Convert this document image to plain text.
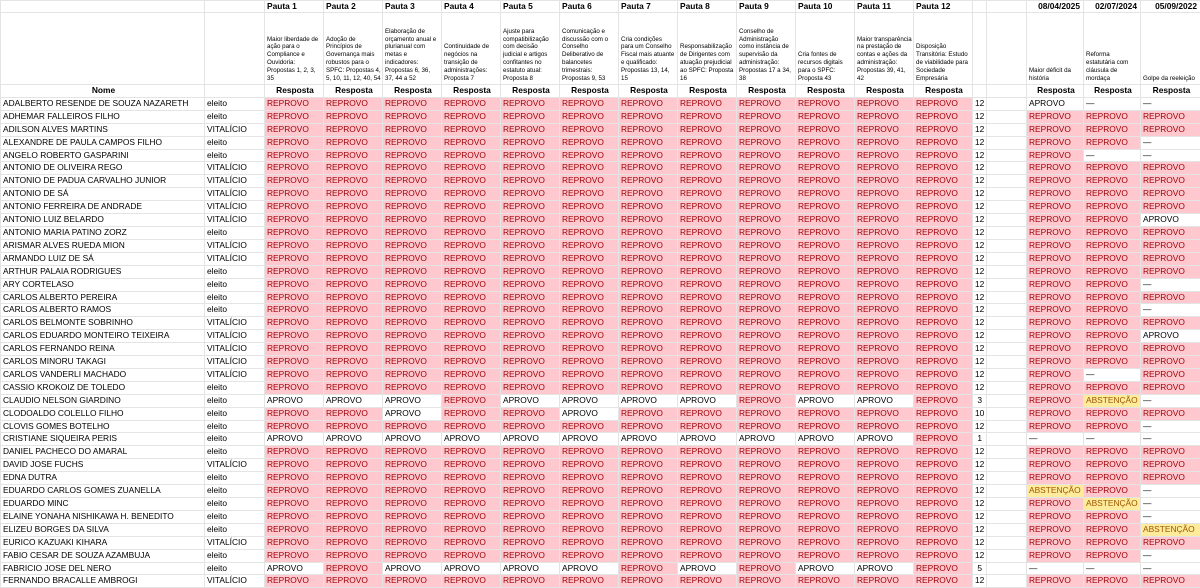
		Pauta 1	Pauta 2	Pauta 3	Pauta 4	Pauta 5	Pauta 6	Pauta 7	Pauta 8	Pauta 9	Pauta 10	Pauta 11	Pauta 12			08/04/2025	02/07/2024	05/09/2022
		Maior liberdade de ação para o Compliance e Ouvidoria: Propostas 1, 2, 3, 35	Adoção de Princípios de Governança mais robustos para o SPFC: Propostas 4, 5, 10, 11, 12, 40, 54	Elaboração de orçamento anual e plurianual com metas e indicadores: Propostas 6, 36, 37, 44 a 52	Continuidade de negócios na transição de administrações: Proposta 7	Ajuste para compatibilização com decisão judicial e artigos confitantes no estatuto atual: Proposta 8	Comunicação e discussão com o Conselho Deliberativo de balancetes trimestrais: Propostas 9, 53	Cria condições para um Conselho Fiscal mais atuante e qualificado: Propostas 13, 14, 15	Responsabilização de Dirigentes com atuação prejudicial ao SPFC: Proposta 16	Conselho de Administração como instância de supervisão da administração: Propostas 17 a 34, 38	Cria fontes de recursos digitais para o SPFC: Proposta 43	Maior transparência na prestação de contas e ações da administração: Propostas 39, 41, 42	Disposição Transitória: Estudo de viabilidade para Sociedade Empresária			Maior déficit da história	Reforma estatutária com cláusula de mordaça	Golpe da reeleição
Nome		Resposta	Resposta	Resposta	Resposta	Resposta	Resposta	Resposta	Resposta	Resposta	Resposta	Resposta	Resposta			Resposta	Resposta	Resposta
ADALBERTO RESENDE DE SOUZA NAZARETH	eleito	REPROVO	REPROVO	REPROVO	REPROVO	REPROVO	REPROVO	REPROVO	REPROVO	REPROVO	REPROVO	REPROVO	REPROVO	12		APROVO	—	—
ADHEMAR FALLEIROS FILHO	eleito	REPROVO	REPROVO	REPROVO	REPROVO	REPROVO	REPROVO	REPROVO	REPROVO	REPROVO	REPROVO	REPROVO	REPROVO	12		REPROVO	REPROVO	REPROVO
ADILSON ALVES MARTINS	VITALÍCIO	REPROVO	REPROVO	REPROVO	REPROVO	REPROVO	REPROVO	REPROVO	REPROVO	REPROVO	REPROVO	REPROVO	REPROVO	12		REPROVO	REPROVO	REPROVO
ALEXANDRE DE PAULA CAMPOS FILHO	eleito	REPROVO	REPROVO	REPROVO	REPROVO	REPROVO	REPROVO	REPROVO	REPROVO	REPROVO	REPROVO	REPROVO	REPROVO	12		REPROVO	REPROVO	—
ANGELO ROBERTO GASPARINI	eleito	REPROVO	REPROVO	REPROVO	REPROVO	REPROVO	REPROVO	REPROVO	REPROVO	REPROVO	REPROVO	REPROVO	REPROVO	12		REPROVO	—	—
ANTONIO DE OLIVEIRA REGO	VITALÍCIO	REPROVO	REPROVO	REPROVO	REPROVO	REPROVO	REPROVO	REPROVO	REPROVO	REPROVO	REPROVO	REPROVO	REPROVO	12		REPROVO	REPROVO	REPROVO
ANTONIO DE PADUA CARVALHO JUNIOR	VITALÍCIO	REPROVO	REPROVO	REPROVO	REPROVO	REPROVO	REPROVO	REPROVO	REPROVO	REPROVO	REPROVO	REPROVO	REPROVO	12		REPROVO	REPROVO	REPROVO
ANTONIO DE SÁ	VITALÍCIO	REPROVO	REPROVO	REPROVO	REPROVO	REPROVO	REPROVO	REPROVO	REPROVO	REPROVO	REPROVO	REPROVO	REPROVO	12		REPROVO	REPROVO	REPROVO
ANTONIO FERREIRA DE ANDRADE	VITALÍCIO	REPROVO	REPROVO	REPROVO	REPROVO	REPROVO	REPROVO	REPROVO	REPROVO	REPROVO	REPROVO	REPROVO	REPROVO	12		REPROVO	REPROVO	REPROVO
ANTONIO LUIZ BELARDO	VITALÍCIO	REPROVO	REPROVO	REPROVO	REPROVO	REPROVO	REPROVO	REPROVO	REPROVO	REPROVO	REPROVO	REPROVO	REPROVO	12		REPROVO	REPROVO	APROVO
ANTONIO MARIA PATINO ZORZ	eleito	REPROVO	REPROVO	REPROVO	REPROVO	REPROVO	REPROVO	REPROVO	REPROVO	REPROVO	REPROVO	REPROVO	REPROVO	12		REPROVO	REPROVO	REPROVO
ARISMAR ALVES RUEDA MION	VITALÍCIO	REPROVO	REPROVO	REPROVO	REPROVO	REPROVO	REPROVO	REPROVO	REPROVO	REPROVO	REPROVO	REPROVO	REPROVO	12		REPROVO	REPROVO	REPROVO
ARMANDO LUIZ DE SÁ	VITALÍCIO	REPROVO	REPROVO	REPROVO	REPROVO	REPROVO	REPROVO	REPROVO	REPROVO	REPROVO	REPROVO	REPROVO	REPROVO	12		REPROVO	REPROVO	REPROVO
ARTHUR PALAIA RODRIGUES	eleito	REPROVO	REPROVO	REPROVO	REPROVO	REPROVO	REPROVO	REPROVO	REPROVO	REPROVO	REPROVO	REPROVO	REPROVO	12		REPROVO	REPROVO	REPROVO
ARY CORTELASO	eleito	REPROVO	REPROVO	REPROVO	REPROVO	REPROVO	REPROVO	REPROVO	REPROVO	REPROVO	REPROVO	REPROVO	REPROVO	12		REPROVO	REPROVO	—
CARLOS ALBERTO PEREIRA	eleito	REPROVO	REPROVO	REPROVO	REPROVO	REPROVO	REPROVO	REPROVO	REPROVO	REPROVO	REPROVO	REPROVO	REPROVO	12		REPROVO	REPROVO	REPROVO
CARLOS ALBERTO RAMOS	eleito	REPROVO	REPROVO	REPROVO	REPROVO	REPROVO	REPROVO	REPROVO	REPROVO	REPROVO	REPROVO	REPROVO	REPROVO	12		REPROVO	REPROVO	—
CARLOS BELMONTE SOBRINHO	VITALÍCIO	REPROVO	REPROVO	REPROVO	REPROVO	REPROVO	REPROVO	REPROVO	REPROVO	REPROVO	REPROVO	REPROVO	REPROVO	12		REPROVO	REPROVO	REPROVO
CARLOS EDUARDO MONTEIRO TEIXEIRA	VITALÍCIO	REPROVO	REPROVO	REPROVO	REPROVO	REPROVO	REPROVO	REPROVO	REPROVO	REPROVO	REPROVO	REPROVO	REPROVO	12		REPROVO	REPROVO	APROVO
CARLOS FERNANDO REINA	VITALÍCIO	REPROVO	REPROVO	REPROVO	REPROVO	REPROVO	REPROVO	REPROVO	REPROVO	REPROVO	REPROVO	REPROVO	REPROVO	12		REPROVO	REPROVO	REPROVO
CARLOS MINORU TAKAGI	VITALÍCIO	REPROVO	REPROVO	REPROVO	REPROVO	REPROVO	REPROVO	REPROVO	REPROVO	REPROVO	REPROVO	REPROVO	REPROVO	12		REPROVO	REPROVO	REPROVO
CARLOS VANDERLI MACHADO	VITALÍCIO	REPROVO	REPROVO	REPROVO	REPROVO	REPROVO	REPROVO	REPROVO	REPROVO	REPROVO	REPROVO	REPROVO	REPROVO	12		REPROVO	—	REPROVO
CASSIO KROKOIZ DE TOLEDO	eleito	REPROVO	REPROVO	REPROVO	REPROVO	REPROVO	REPROVO	REPROVO	REPROVO	REPROVO	REPROVO	REPROVO	REPROVO	12		REPROVO	REPROVO	REPROVO
CLAUDIO NELSON GIARDINO	eleito	APROVO	APROVO	APROVO	REPROVO	APROVO	APROVO	APROVO	APROVO	REPROVO	APROVO	APROVO	REPROVO	3		REPROVO	ABSTENÇÃO	—
CLODOALDO COLELLO FILHO	eleito	REPROVO	REPROVO	APROVO	REPROVO	REPROVO	APROVO	REPROVO	REPROVO	REPROVO	REPROVO	REPROVO	REPROVO	10		REPROVO	REPROVO	REPROVO
CLOVIS GOMES BOTELHO	eleito	REPROVO	REPROVO	REPROVO	REPROVO	REPROVO	REPROVO	REPROVO	REPROVO	REPROVO	REPROVO	REPROVO	REPROVO	12		REPROVO	REPROVO	—
CRISTIANE SIQUEIRA PERIS	eleito	APROVO	APROVO	APROVO	APROVO	APROVO	APROVO	APROVO	APROVO	APROVO	APROVO	APROVO	REPROVO	1		—	—	—
DANIEL PACHECO DO AMARAL	eleito	REPROVO	REPROVO	REPROVO	REPROVO	REPROVO	REPROVO	REPROVO	REPROVO	REPROVO	REPROVO	REPROVO	REPROVO	12		REPROVO	REPROVO	REPROVO
DAVID JOSE FUCHS	VITALÍCIO	REPROVO	REPROVO	REPROVO	REPROVO	REPROVO	REPROVO	REPROVO	REPROVO	REPROVO	REPROVO	REPROVO	REPROVO	12		REPROVO	REPROVO	REPROVO
EDNA DUTRA	eleito	REPROVO	REPROVO	REPROVO	REPROVO	REPROVO	REPROVO	REPROVO	REPROVO	REPROVO	REPROVO	REPROVO	REPROVO	12		REPROVO	REPROVO	REPROVO
EDUARDO CARLOS GOMES ZUANELLA	eleito	REPROVO	REPROVO	REPROVO	REPROVO	REPROVO	REPROVO	REPROVO	REPROVO	REPROVO	REPROVO	REPROVO	REPROVO	12		ABSTENÇÃO	REPROVO	—
EDUARDO MINC	eleito	REPROVO	REPROVO	REPROVO	REPROVO	REPROVO	REPROVO	REPROVO	REPROVO	REPROVO	REPROVO	REPROVO	REPROVO	12		REPROVO	ABSTENÇÃO	—
ELAINE YONAHA NISHIKAWA H. BENEDITO	eleito	REPROVO	REPROVO	REPROVO	REPROVO	REPROVO	REPROVO	REPROVO	REPROVO	REPROVO	REPROVO	REPROVO	REPROVO	12		REPROVO	REPROVO	—
ELIZEU BORGES DA SILVA	eleito	REPROVO	REPROVO	REPROVO	REPROVO	REPROVO	REPROVO	REPROVO	REPROVO	REPROVO	REPROVO	REPROVO	REPROVO	12		REPROVO	REPROVO	ABSTENÇÃO
EURICO KAZUAKI KIHARA	VITALÍCIO	REPROVO	REPROVO	REPROVO	REPROVO	REPROVO	REPROVO	REPROVO	REPROVO	REPROVO	REPROVO	REPROVO	REPROVO	12		REPROVO	REPROVO	REPROVO
FABIO CESAR DE SOUZA AZAMBUJA	eleito	REPROVO	REPROVO	REPROVO	REPROVO	REPROVO	REPROVO	REPROVO	REPROVO	REPROVO	REPROVO	REPROVO	REPROVO	12		REPROVO	REPROVO	—
FABRICIO JOSE DEL NERO	eleito	APROVO	REPROVO	APROVO	APROVO	APROVO	APROVO	REPROVO	APROVO	REPROVO	APROVO	APROVO	REPROVO	5		—	—	—
FERNANDO BRACALLE AMBROGI	VITALÍCIO	REPROVO	REPROVO	REPROVO	REPROVO	REPROVO	REPROVO	REPROVO	REPROVO	REPROVO	REPROVO	REPROVO	REPROVO	12		REPROVO	REPROVO	REPROVO
